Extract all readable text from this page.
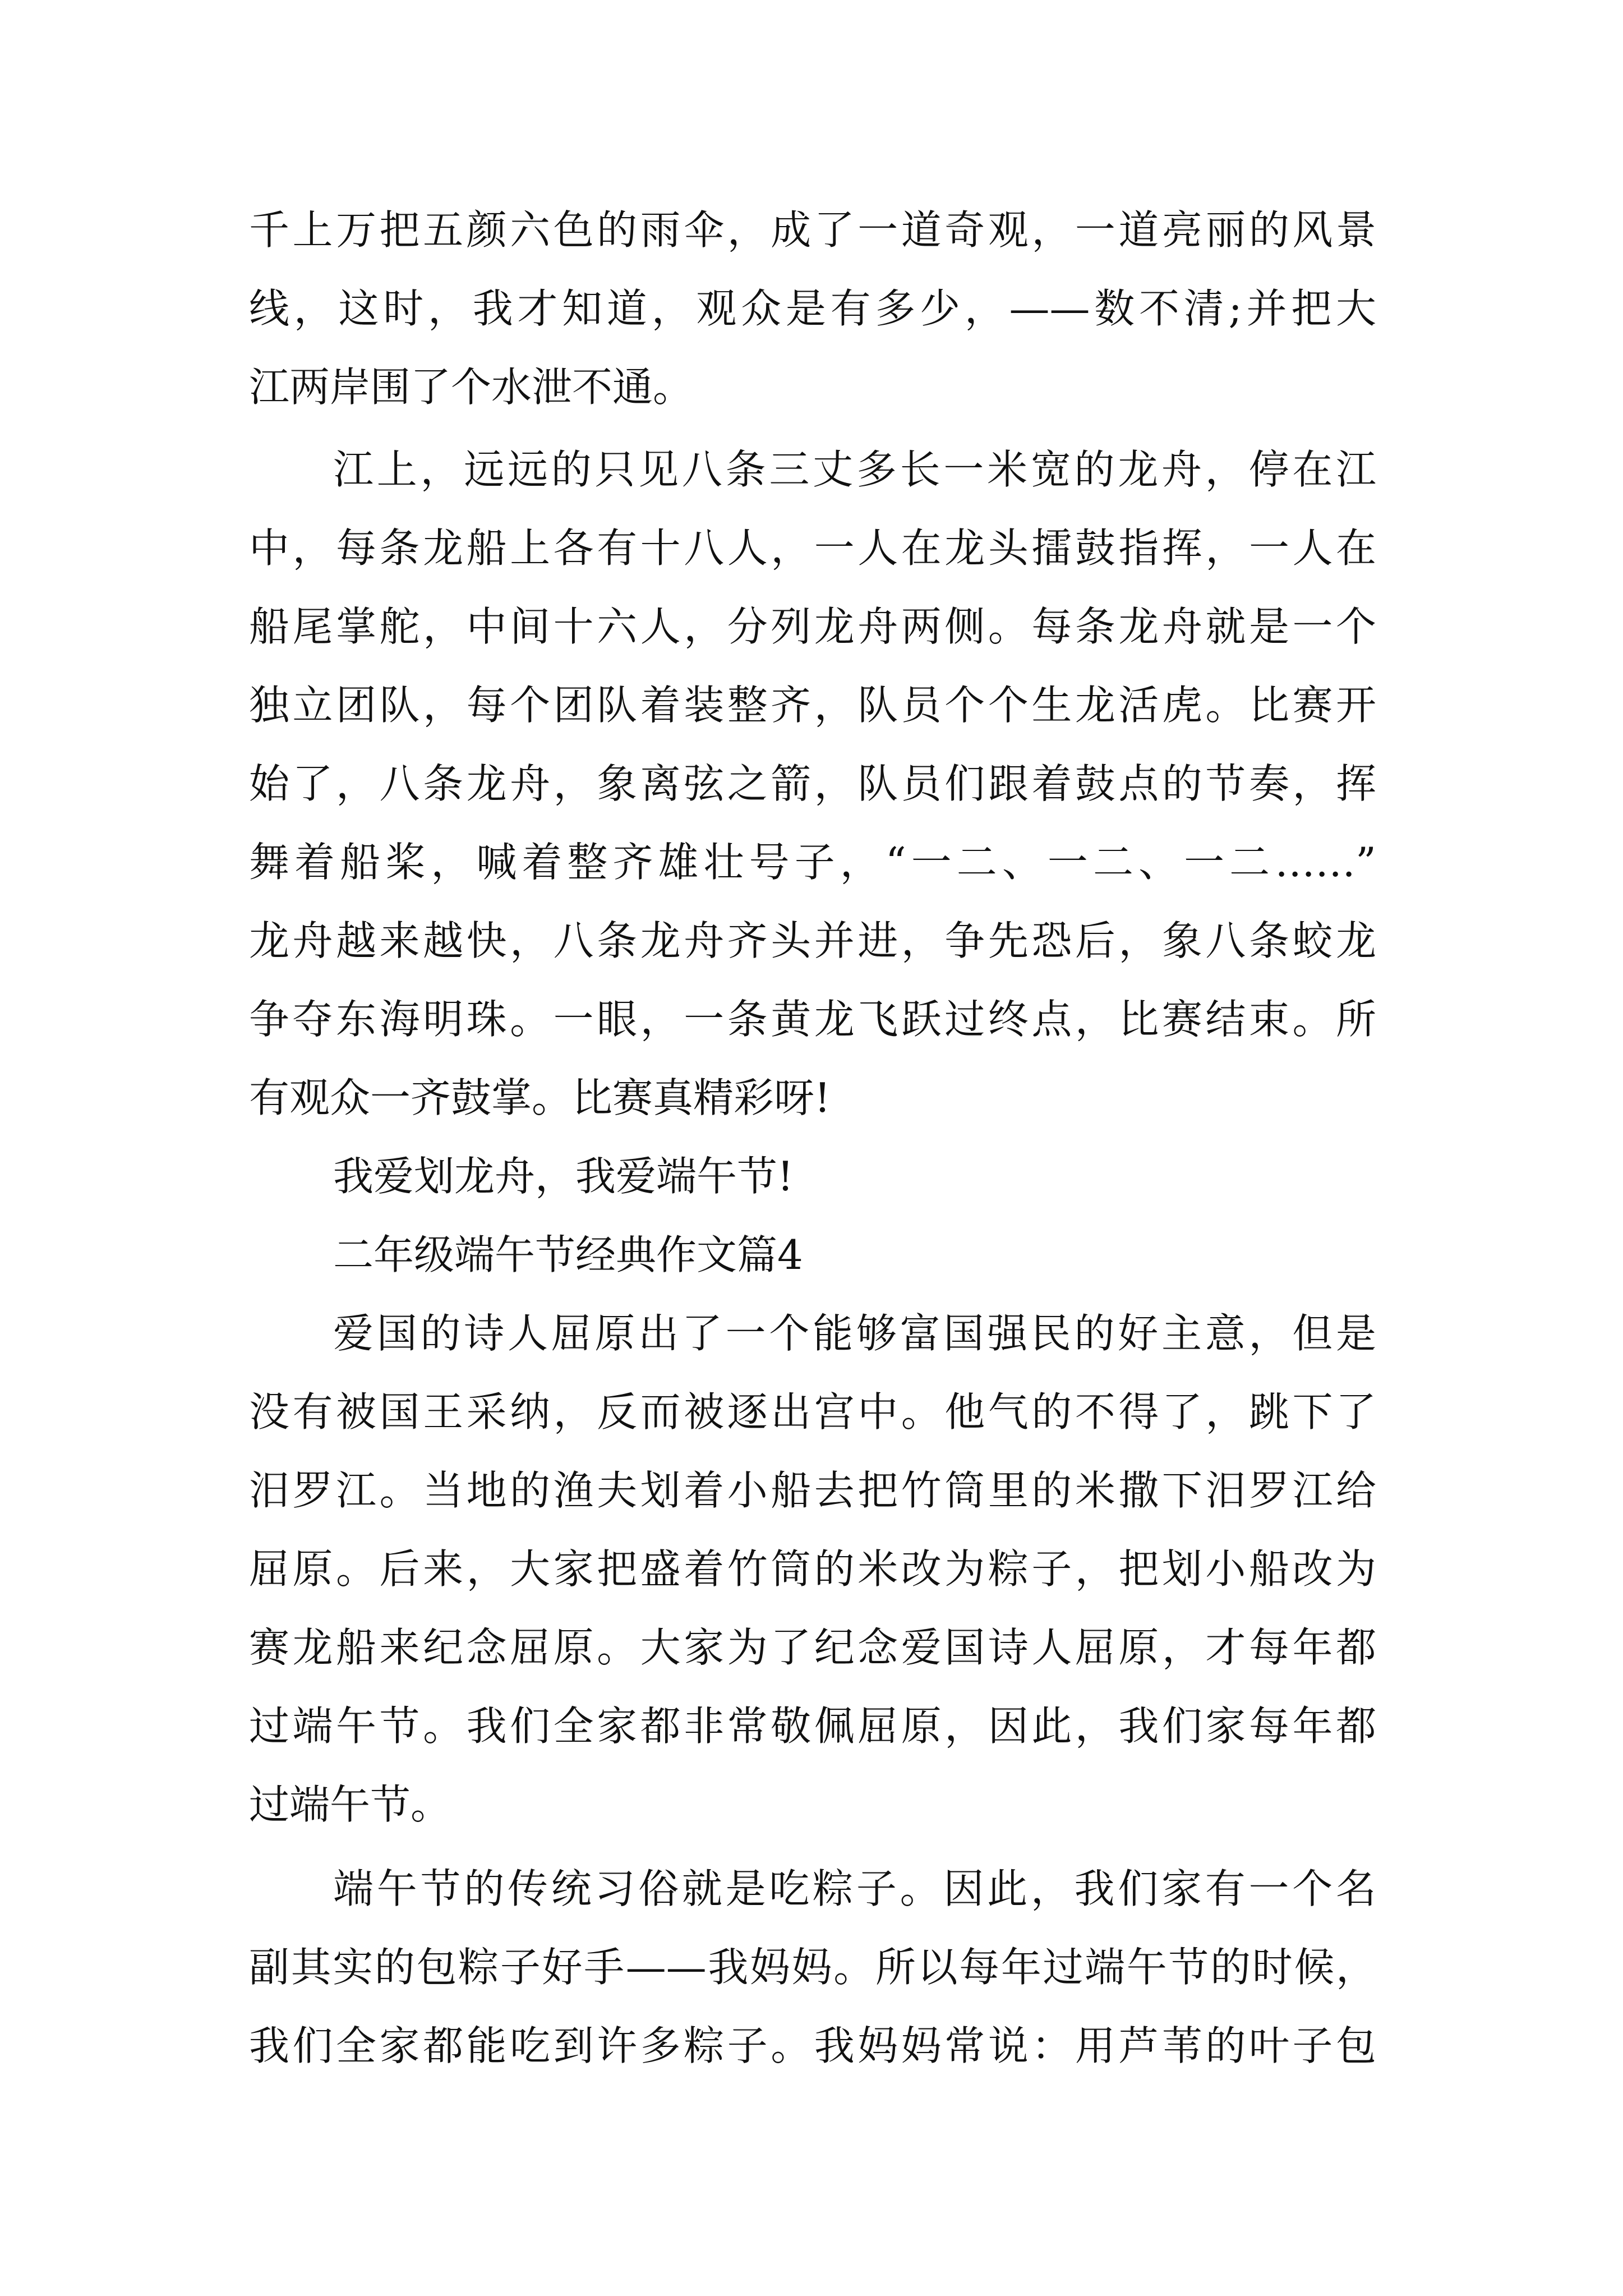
千上万把五颜六色的雨伞，成了一道奇观，一道亮丽的风景

线，这时，我才知道，观众是有多少，——数不清;并把大

江两岸围了个水泄不通。

江上，远远的只见八条三丈多长一米宽的龙舟，停在江

中，每条龙船上各有十八人，一人在龙头擂鼓指挥，一人在

船尾掌舵，中间十六人，分列龙舟两侧。每条龙舟就是一个

独立团队，每个团队着装整齐，队员个个生龙活虎。比赛开

始了，八条龙舟，象离弦之箭，队员们跟着鼓点的节奏，挥

舞着船桨，喊着整齐雄壮号子，“一二、一二、一二……”

龙舟越来越快，八条龙舟齐头并进，争先恐后，象八条蛟龙

争夺东海明珠。一眼，一条黄龙飞跃过终点，比赛结束。所

有观众一齐鼓掌。比赛真精彩呀!

我爱划龙舟，我爱端午节!

二年级端午节经典作文篇4

爱国的诗人屈原出了一个能够富国强民的好主意，但是

没有被国王采纳，反而被逐出宫中。他气的不得了，跳下了

汨罗江。当地的渔夫划着小船去把竹筒里的米撒下汨罗江给

屈原。后来，大家把盛着竹筒的米改为粽子，把划小船改为

赛龙船来纪念屈原。大家为了纪念爱国诗人屈原，才每年都

过端午节。我们全家都非常敬佩屈原，因此，我们家每年都

过端午节。

端午节的传统习俗就是吃粽子。因此，我们家有一个名

副其实的包粽子好手——我妈妈。所以每年过端午节的时候，

我们全家都能吃到许多粽子。我妈妈常说：用芦苇的叶子包
